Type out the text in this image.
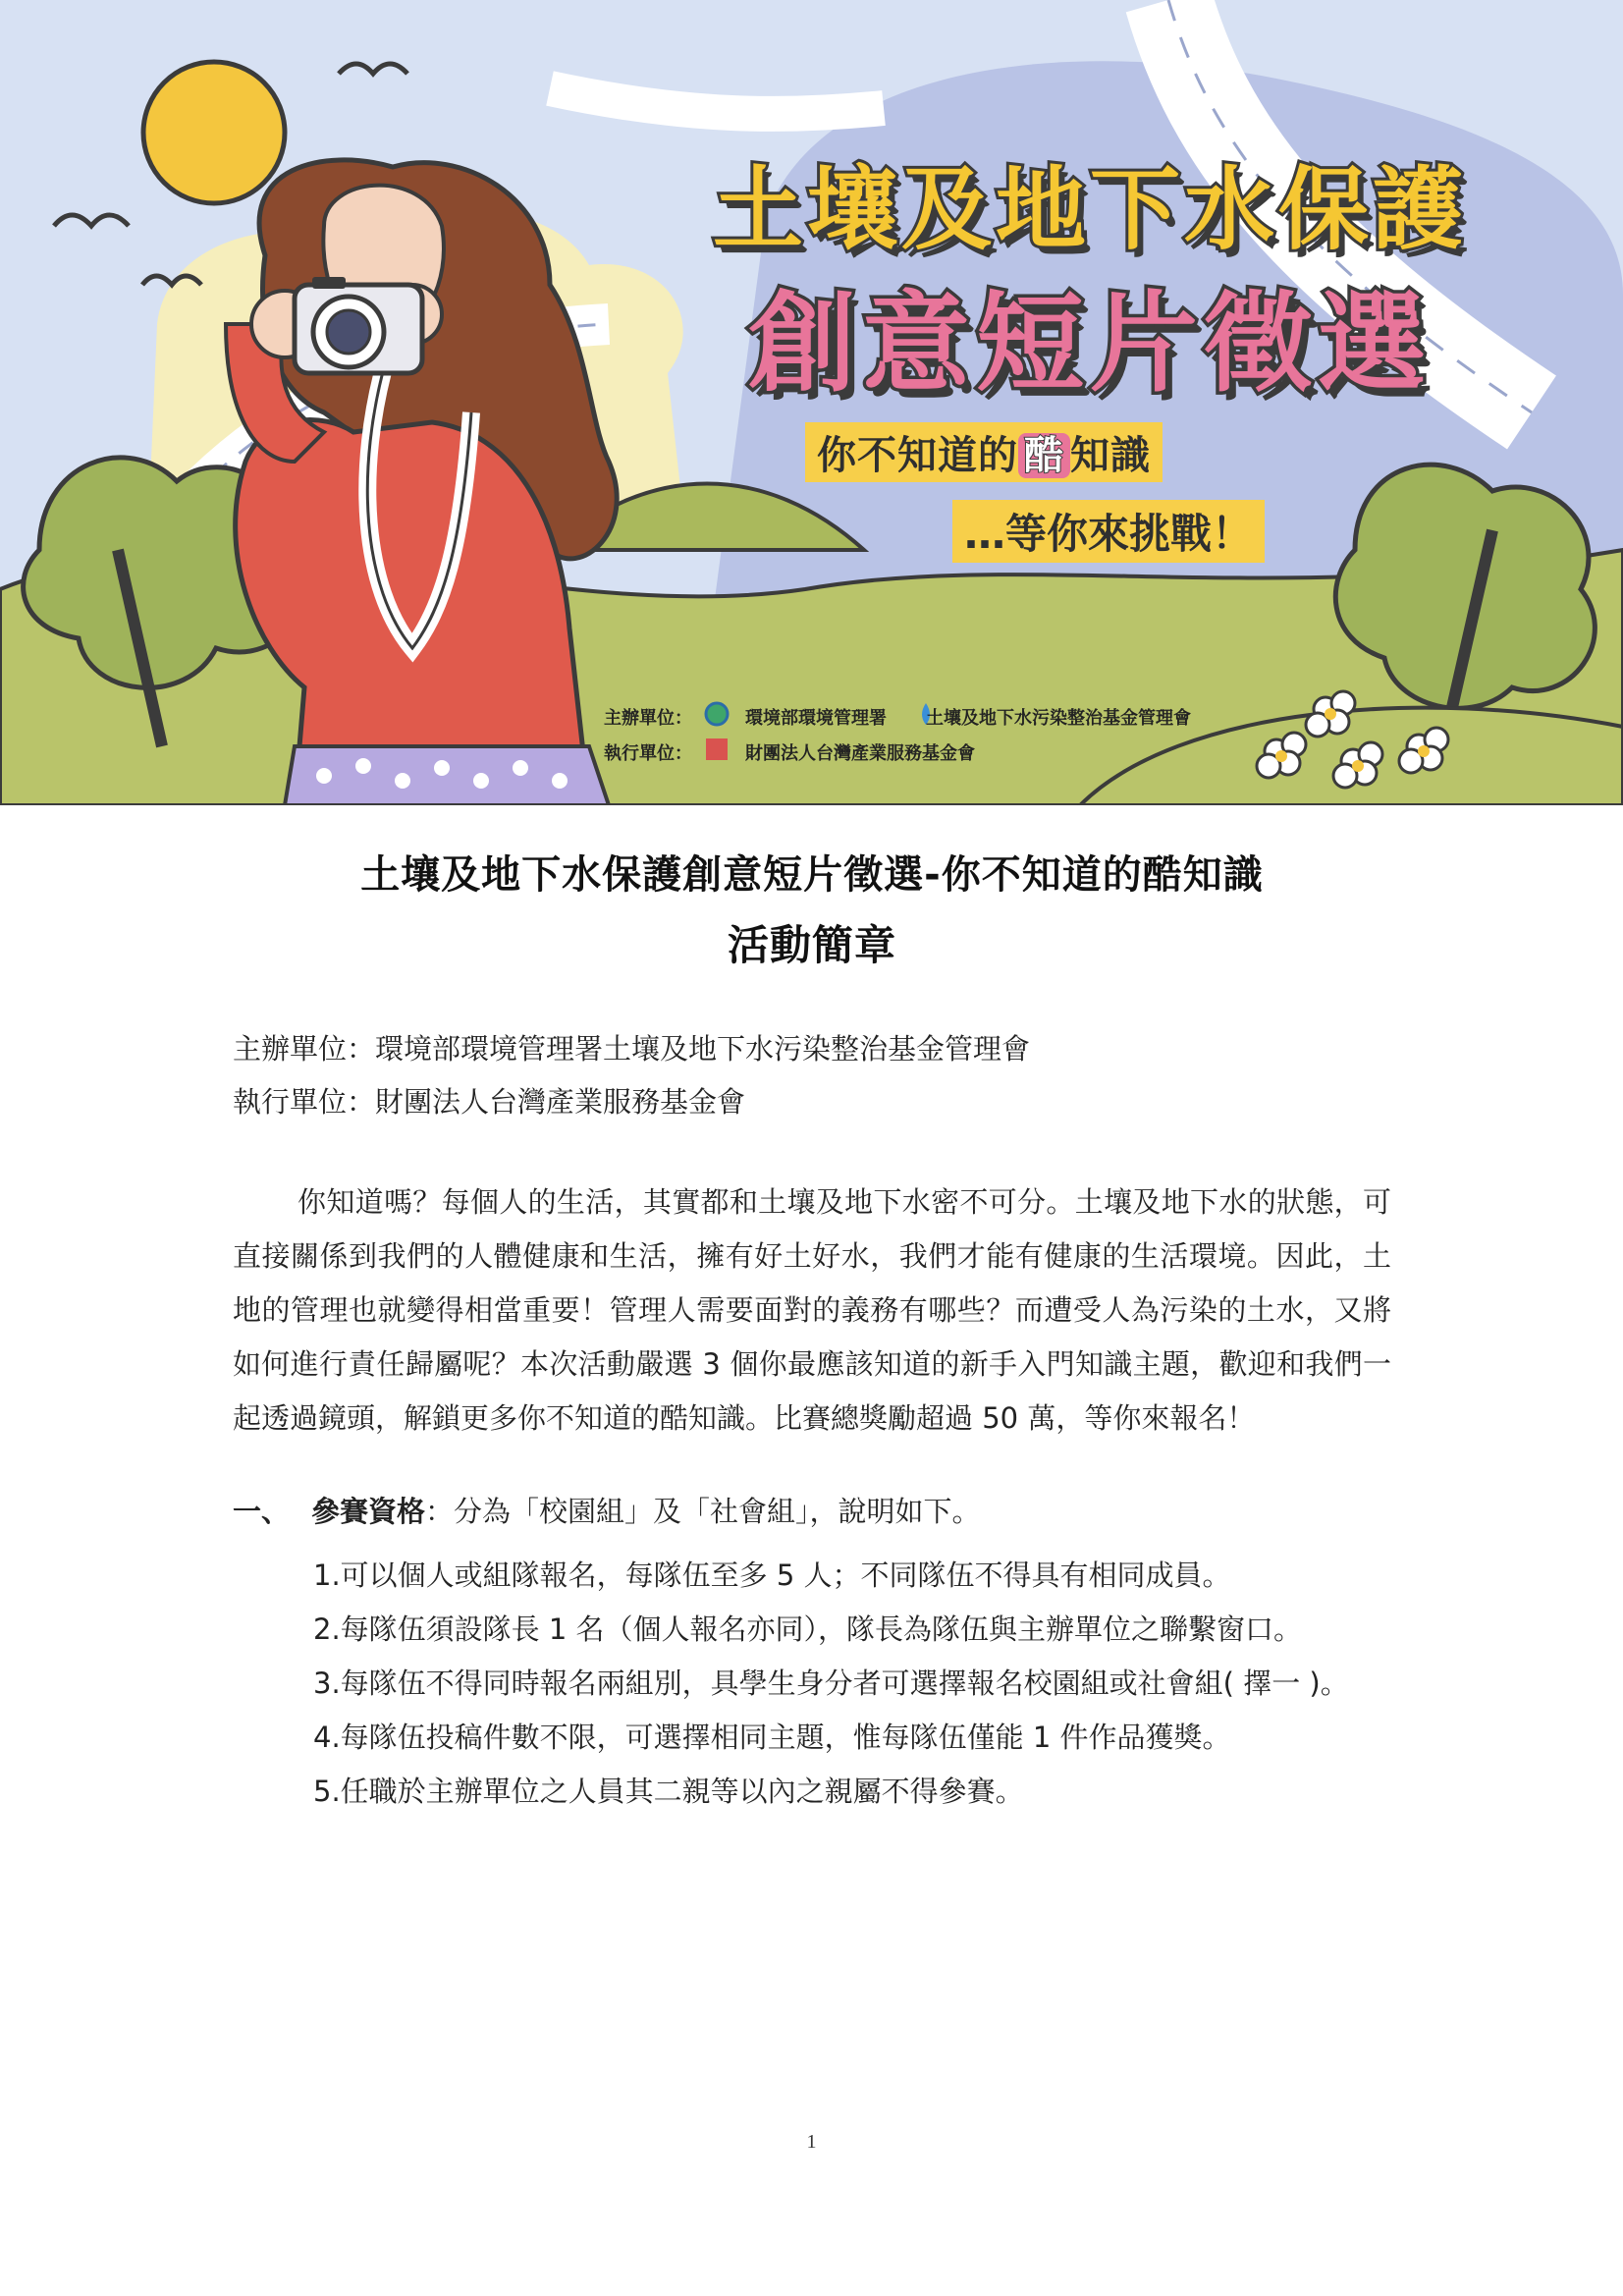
土壤及地下水保護
創意短片徵選
你不知道的 酷 知識
…等你來挑戰！
主辦單位：	環境部環境管理署 土壤及地下水污染整治基金管理會
執行單位：	財團法人台灣產業服務基金會
土壤及地下水保護創意短片徵選-你不知道的酷知識
活動簡章
主辦單位：環境部環境管理署土壤及地下水污染整治基金管理會
執行單位：財團法人台灣產業服務基金會
你知道嗎？每個人的生活，其實都和土壤及地下水密不可分。土壤及地下水的狀態，可直接關係到我們的人體健康和生活，擁有好土好水，我們才能有健康的生活環境。因此，土地的管理也就變得相當重要！管理人需要面對的義務有哪些？而遭受人為污染的土水，又將如何進行責任歸屬呢？本次活動嚴選 3 個你最應該知道的新手入門知識主題，歡迎和我們一起透過鏡頭，解鎖更多你不知道的酷知識。比賽總獎勵超過 50 萬，等你來報名！
一、 參賽資格：分為「校園組」及「社會組」，說明如下。
1.可以個人或組隊報名，每隊伍至多 5 人；不同隊伍不得具有相同成員。
2.每隊伍須設隊長 1 名（個人報名亦同），隊長為隊伍與主辦單位之聯繫窗口。
3.每隊伍不得同時報名兩組別，具學生身分者可選擇報名校園組或社會組( 擇一 )。
4.每隊伍投稿件數不限，可選擇相同主題，惟每隊伍僅能 1 件作品獲獎。
5.任職於主辦單位之人員其二親等以內之親屬不得參賽。
1
